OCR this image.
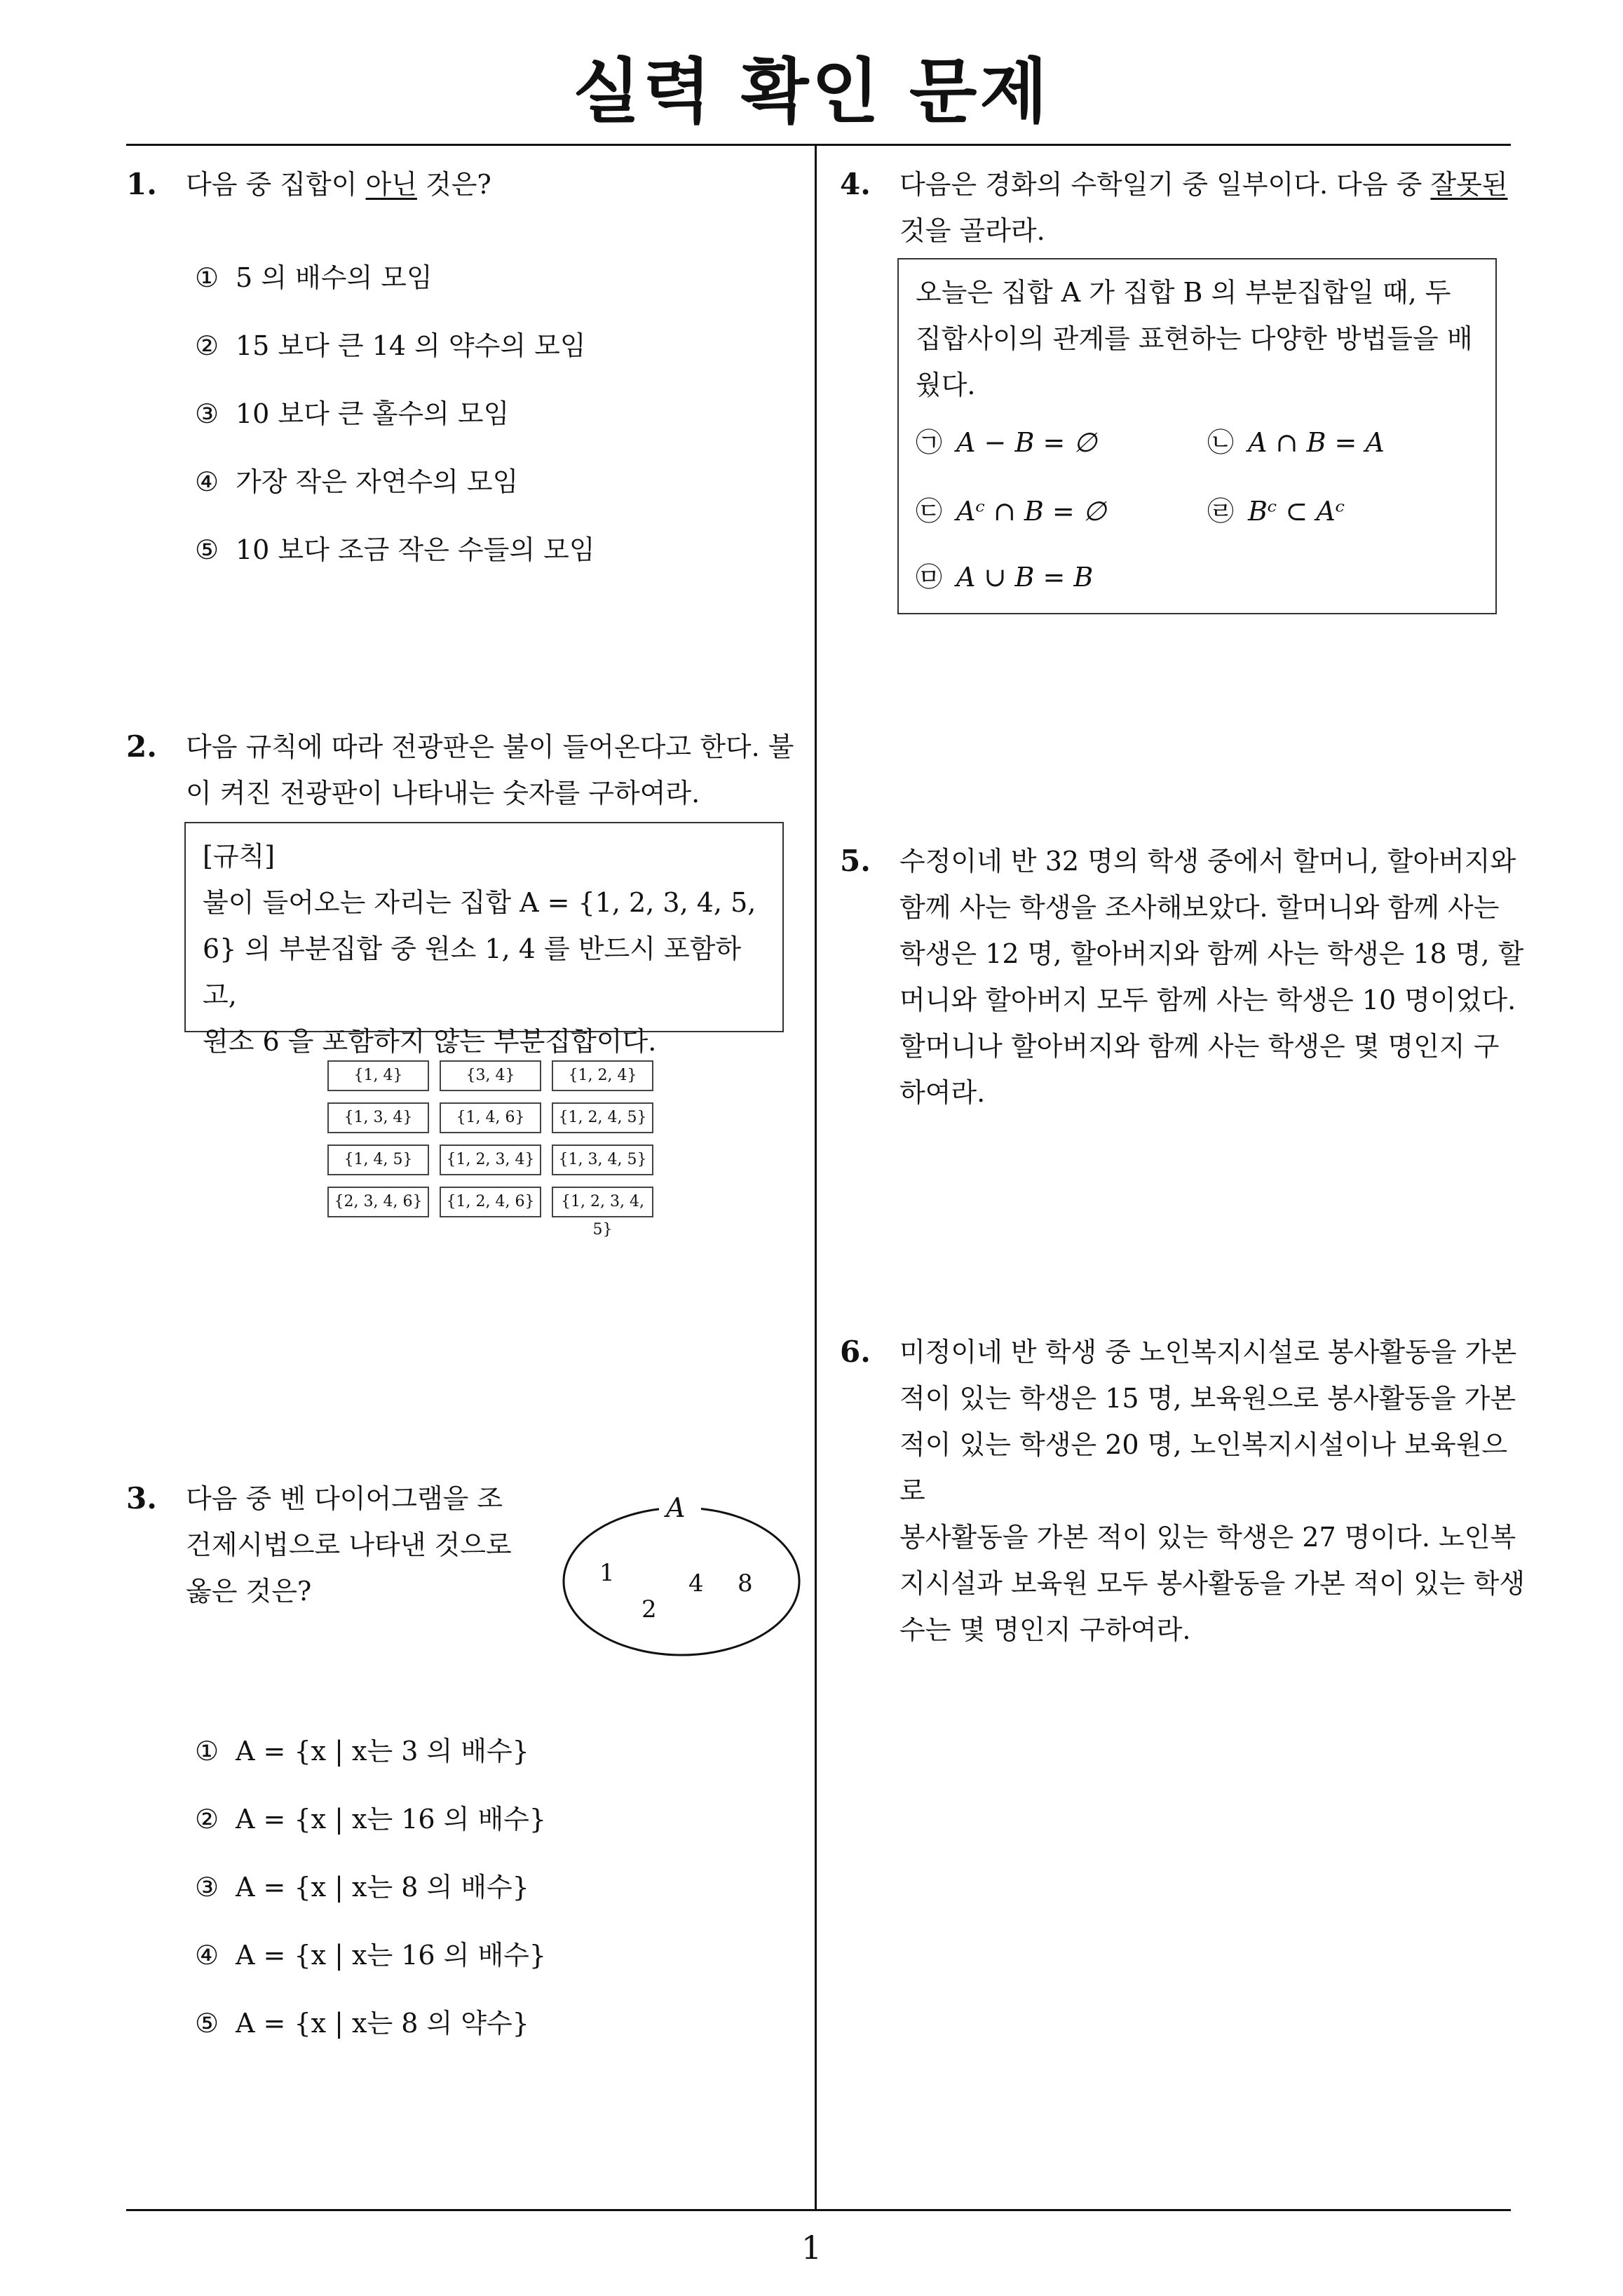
실력 확인 문제
1. 다음 중 집합이 아닌 것은?
① 5 의 배수의 모임
② 15 보다 큰 14 의 약수의 모임
③ 10 보다 큰 홀수의 모임
④ 가장 작은 자연수의 모임
⑤ 10 보다 조금 작은 수들의 모임
2. 다음 규칙에 따라 전광판은 불이 들어온다고 한다. 불
이 켜진 전광판이 나타내는 숫자를 구하여라.
[규칙]
불이 들어오는 자리는 집합 A = {1, 2, 3, 4, 5,
6} 의 부분집합 중 원소 1, 4 를 반드시 포함하고,
원소 6 을 포함하지 않는 부분집합이다.
{1, 4}	{3, 4}	{1, 2, 4}
{1, 3, 4}	{1, 4, 6}	{1, 2, 4, 5}
{1, 4, 5}	{1, 2, 3, 4}	{1, 3, 4, 5}
{2, 3, 4, 6}	{1, 2, 4, 6}	{1, 2, 3, 4, 5}
3. 다음 중 벤 다이어그램을 조
건제시법으로 나타낸 것으로
옳은 것은?
A
1	4 8
2
① A = {x | x는 3 의 배수}
② A = {x | x는 16 의 배수}
③ A = {x | x는 8 의 배수}
④ A = {x | x는 16 의 배수}
⑤ A = {x | x는 8 의 약수}
4. 다음은 경화의 수학일기 중 일부이다. 다음 중 잘못된
것을 골라라.
오늘은 집합 A 가 집합 B 의 부분집합일 때, 두
집합사이의 관계를 표현하는 다양한 방법들을 배
웠다.
㉠ A − B = ∅	㉡ A ∩ B = A
㉢ Aᶜ ∩ B = ∅	㉣ Bᶜ ⊂ Aᶜ
㉤ A ∪ B = B
5. 수정이네 반 32 명의 학생 중에서 할머니, 할아버지와
함께 사는 학생을 조사해보았다. 할머니와 함께 사는
학생은 12 명, 할아버지와 함께 사는 학생은 18 명, 할
머니와 할아버지 모두 함께 사는 학생은 10 명이었다.
할머니나 할아버지와 함께 사는 학생은 몇 명인지 구
하여라.
6. 미정이네 반 학생 중 노인복지시설로 봉사활동을 가본
적이 있는 학생은 15 명, 보육원으로 봉사활동을 가본
적이 있는 학생은 20 명, 노인복지시설이나 보육원으로
봉사활동을 가본 적이 있는 학생은 27 명이다. 노인복
지시설과 보육원 모두 봉사활동을 가본 적이 있는 학생
수는 몇 명인지 구하여라.
1
